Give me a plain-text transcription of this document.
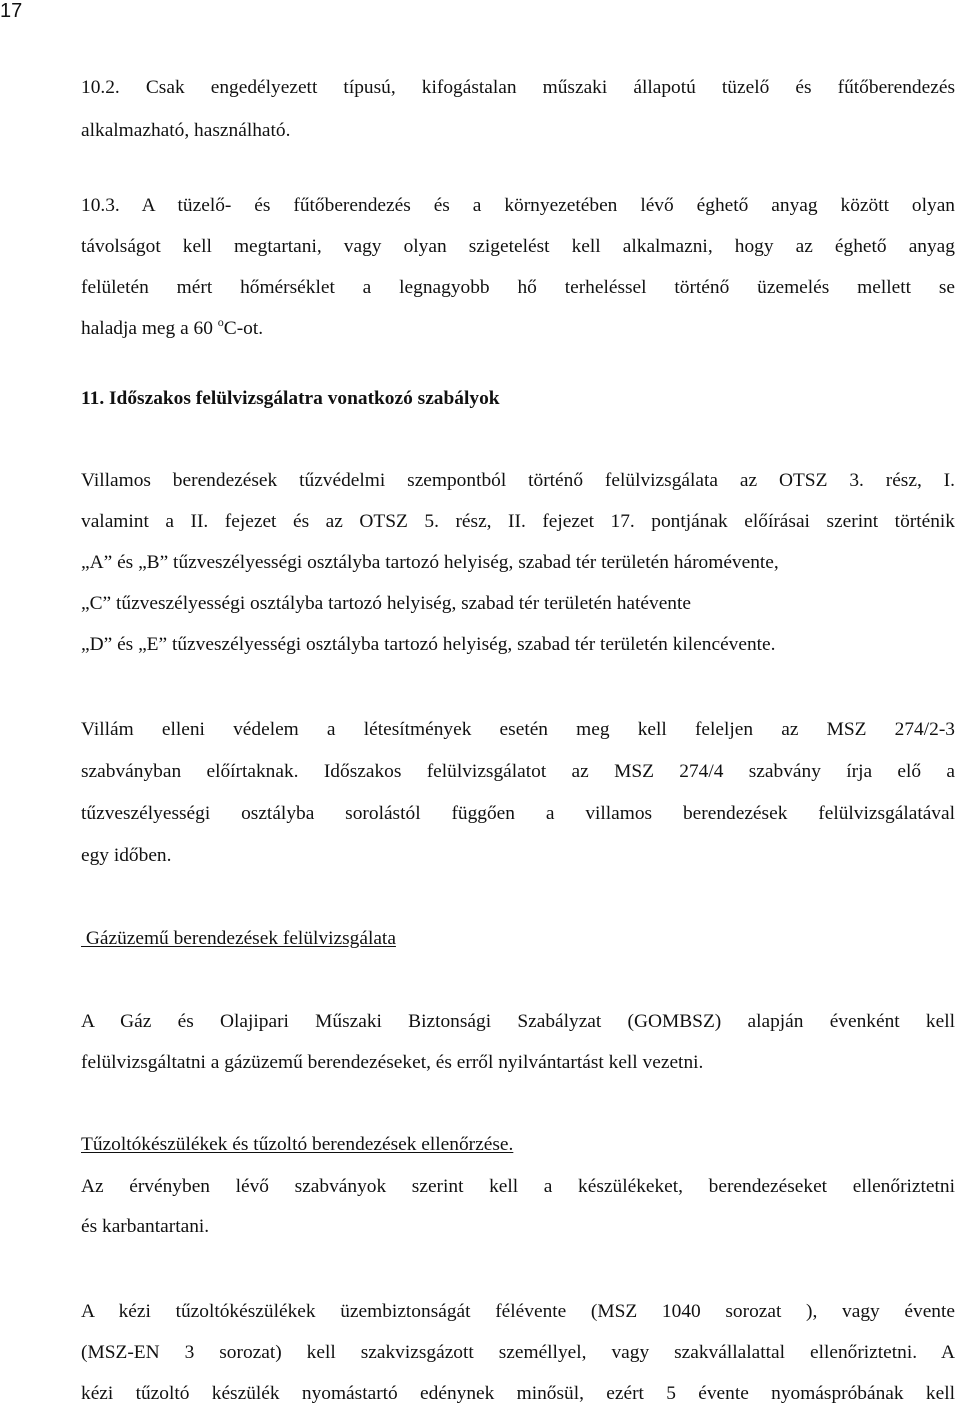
17
10.2. Csak engedélyezett típusú, kifogástalan műszaki állapotú tüzelő és fűtőberendezés
alkalmazható, használható.
10.3. A tüzelő- és fűtőberendezés és a környezetében lévő éghető anyag között olyan
távolságot kell megtartani, vagy olyan szigetelést kell alkalmazni, hogy az éghető anyag
felületén mért hőmérséklet a legnagyobb hő terheléssel történő üzemelés mellett se
haladja meg a 60 $^o$C-ot.
11. Időszakos felülvizsgálatra vonatkozó szabályok
Villamos berendezések tűzvédelmi szempontból történő felülvizsgálata az OTSZ 3. rész, I.
valamint a II. fejezet és az OTSZ 5. rész, II. fejezet 17. pontjának előírásai szerint történik
„A” és „B” tűzveszélyességi osztályba tartozó helyiség, szabad tér területén háromévente,
„C” tűzveszélyességi osztályba tartozó helyiség, szabad tér területén hatévente
„D” és „E” tűzveszélyességi osztályba tartozó helyiség, szabad tér területén kilencévente.
Villám elleni védelem a létesítmények esetén meg kell feleljen az MSZ 274/2-3
szabványban előírtaknak. Időszakos felülvizsgálatot az MSZ 274/4 szabvány írja elő a
tűzveszélyességi osztályba sorolástól függően a villamos berendezések felülvizsgálatával
egy időben.
Gázüzemű berendezések felülvizsgálata
A Gáz és Olajipari Műszaki Biztonsági Szabályzat (GOMBSZ) alapján évenként kell
felülvizsgáltatni a gázüzemű berendezéseket, és erről nyilvántartást kell vezetni.
Tűzoltókészülékek és tűzoltó berendezések ellenőrzése.
Az érvényben lévő szabványok szerint kell a készülékeket, berendezéseket ellenőriztetni
és karbantartani.
A kézi tűzoltókészülékek üzembiztonságát félévente (MSZ 1040 sorozat ), vagy évente
(MSZ-EN 3 sorozat) kell szakvizsgázott személlyel, vagy szakvállalattal ellenőriztetni. A
kézi tűzoltó készülék nyomástartó edénynek minősül, ezért 5 évente nyomáspróbának kell
